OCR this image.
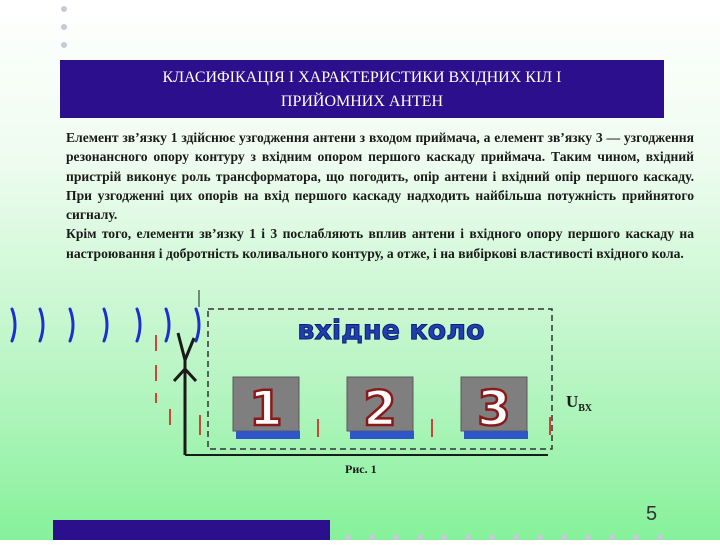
КЛАСИФІКАЦІЯ І ХАРАКТЕРИСТИКИ ВХІДНИХ КІЛ І
ПРИЙОМНИХ АНТЕН

Елемент зв’язку 1 здійснює узгодження антени з входом приймача, а елемент зв’язку 3 — узгодження резонансного опору контуру з вхідним опором першого каскаду приймача. Таким чином, вхідний пристрій виконує роль трансформатора, що погодить, опір антени і вхідний опір першого каскаду. При узгодженні цих опорів на вхід першого каскаду надходить найбільша потужність прийнятого сигналу.

Крім того, елементи зв’язку 1 і 3 послабляють вплив антени і вхідного опору першого каскаду на настроювання і добротність коливального контуру, а отже, і на вибіркові властивості вхідного кола.

вхідне коло
1 2 3	$U_{ВХ}$
Рис. 1
5
